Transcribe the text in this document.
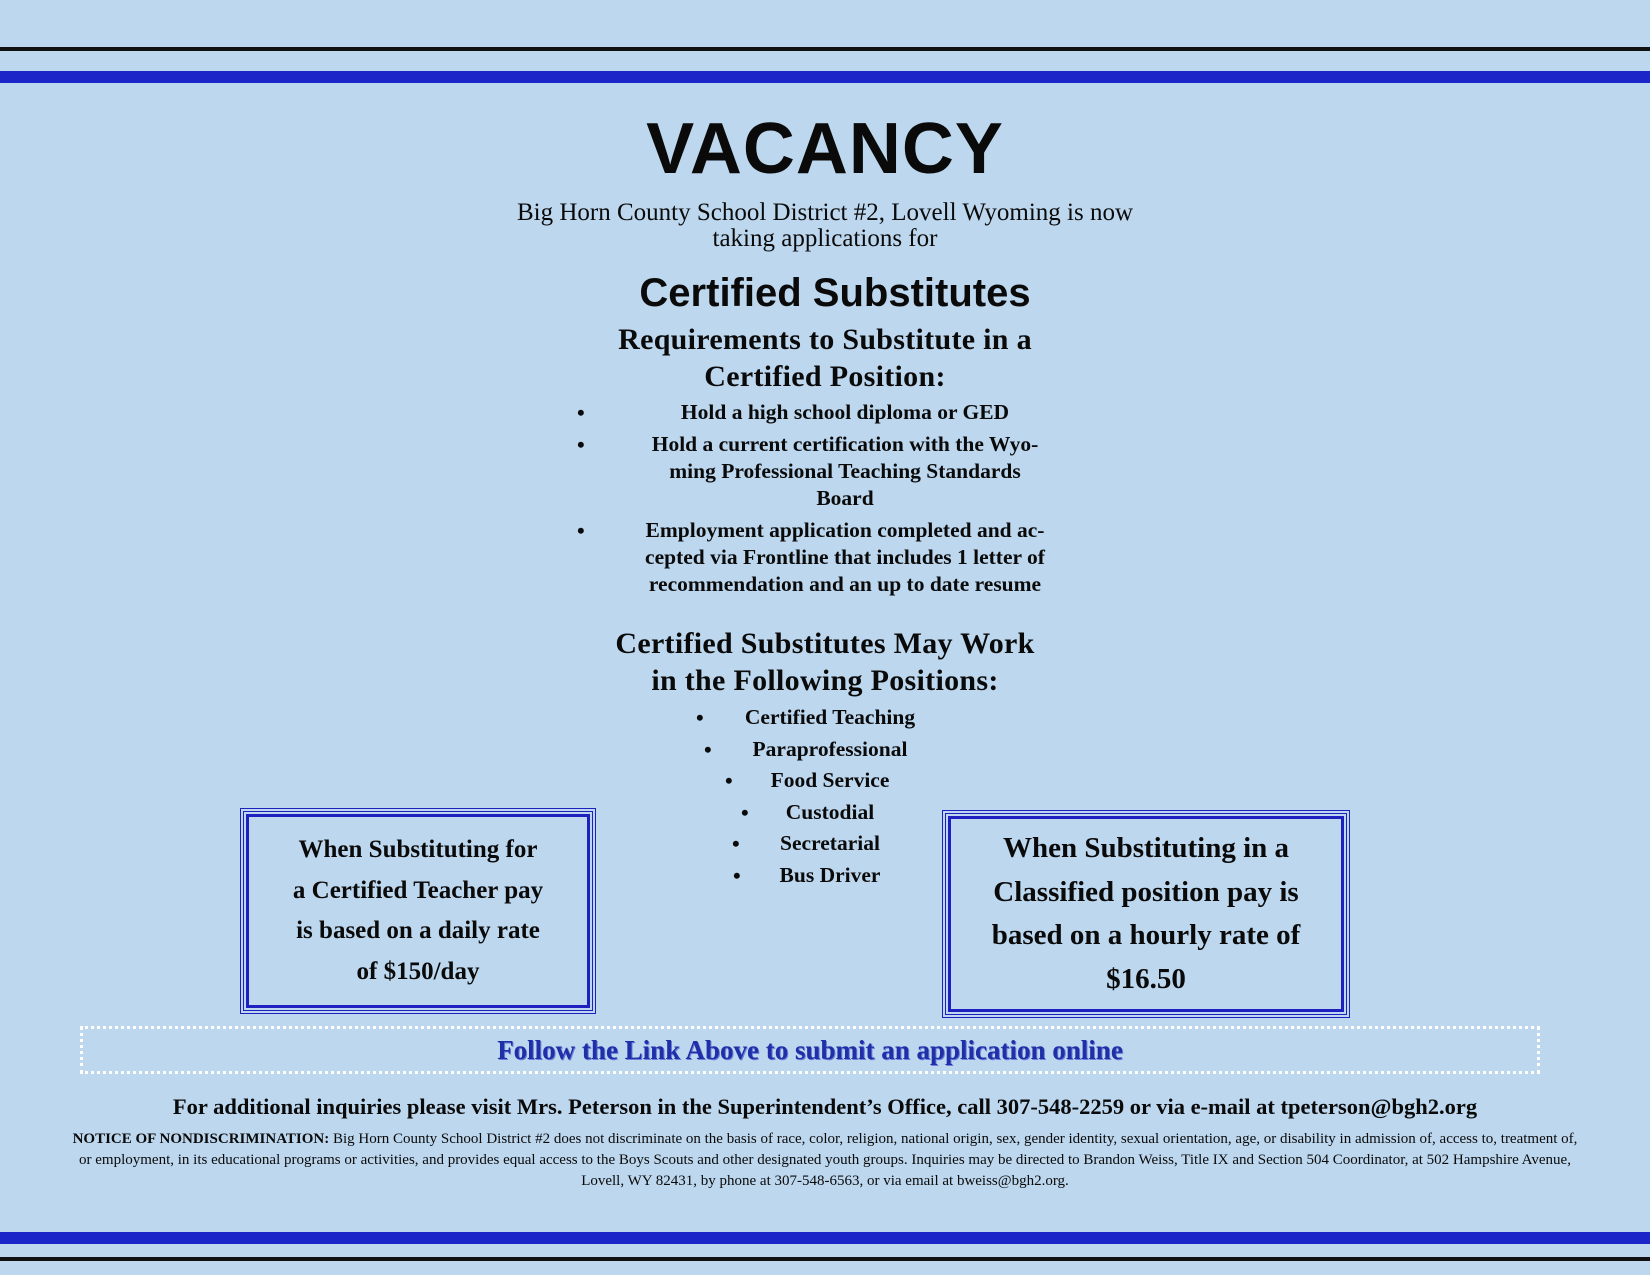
VACANCY
Big Horn County School District #2, Lovell Wyoming is now
taking applications for
Certified Substitutes
Requirements to Substitute in a
Certified Position:
•	Hold a high school diploma or GED
•	Hold a current certification with the Wyo-
ming Professional Teaching Standards
Board
•	Employment application completed and ac-
cepted via Frontline that includes 1 letter of
recommendation and an up to date resume
Certified Substitutes May Work
in the Following Positions:
• Certified Teaching
• Paraprofessional
• Food Service
• Custodial
• Secretarial
• Bus Driver
When Substituting for
a Certified Teacher pay
is based on a daily rate
of $150/day
When Substituting in a
Classified position pay is
based on a hourly rate of
$16.50
Follow the Link Above to submit an application online
For additional inquiries please visit Mrs. Peterson in the Superintendent’s Office, call 307-548-2259 or via e-mail at tpeterson@bgh2.org
NOTICE OF NONDISCRIMINATION: Big Horn County School District #2 does not discriminate on the basis of race, color, religion, national origin, sex, gender identity, sexual orientation, age, or disability in admission of, access to, treatment of, or employment, in its educational programs or activities, and provides equal access to the Boys Scouts and other designated youth groups. Inquiries may be directed to Brandon Weiss, Title IX and Section 504 Coordinator, at 502 Hampshire Avenue, Lovell, WY 82431, by phone at 307-548-6563, or via email at bweiss@bgh2.org.
